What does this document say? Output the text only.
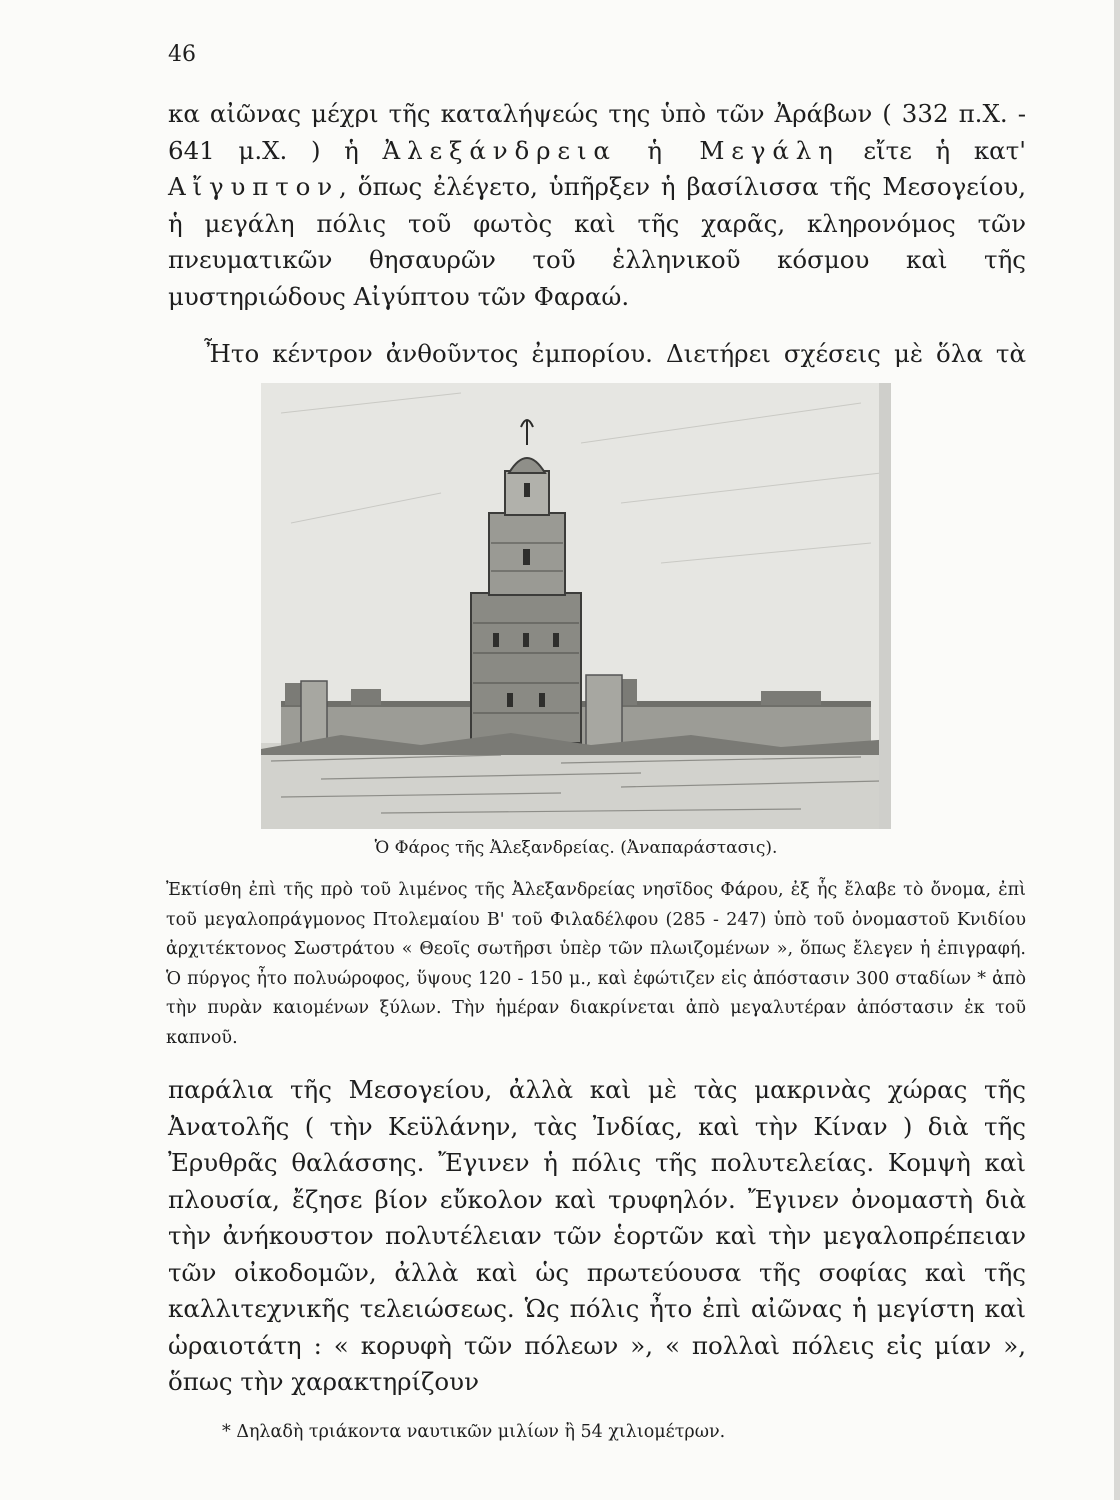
46

κα αἰῶνας μέχρι τῆς καταλήψεώς της ὑπὸ τῶν Ἀράβων ( 332 π.Χ. - 641 μ.Χ. ) ἡ Ἀλεξάνδρεια ἡ Μεγάλη εἴτε ἡ κατ' Αἴγυπτον, ὅπως ἐλέγετο, ὑπῆρξεν ἡ βασίλισσα τῆς Μεσογείου, ἡ μεγάλη πόλις τοῦ φωτὸς καὶ τῆς χαρᾶς, κληρονόμος τῶν πνευματικῶν θησαυρῶν τοῦ ἑλληνικοῦ κόσμου καὶ τῆς μυστηριώδους Αἰγύπτου τῶν Φαραώ.

Ἦτο κέντρον ἀνθοῦντος ἐμπορίου. Διετήρει σχέσεις μὲ ὅλα τὰ

Ὁ Φάρος τῆς Ἀλεξανδρείας. (Ἀναπαράστασις).

Ἐκτίσθη ἐπὶ τῆς πρὸ τοῦ λιμένος τῆς Ἀλεξανδρείας νησῖδος Φάρου, ἐξ ἧς ἔλαβε τὸ ὄνομα, ἐπὶ τοῦ μεγαλοπράγμονος Πτολεμαίου Β' τοῦ Φιλαδέλφου (285 - 247) ὑπὸ τοῦ ὀνομαστοῦ Κνιδίου ἀρχιτέκτονος Σωστράτου « Θεοῖς σωτῆρσι ὑπὲρ τῶν πλωιζομένων », ὅπως ἔλεγεν ἡ ἐπιγραφή. Ὁ πύργος ἦτο πολυώροφος, ὕψους 120 - 150 μ., καὶ ἐφώτιζεν εἰς ἀπόστασιν 300 σταδίων * ἀπὸ τὴν πυρὰν καιομένων ξύλων. Τὴν ἡμέραν διακρίνεται ἀπὸ μεγαλυτέραν ἀπόστασιν ἐκ τοῦ καπνοῦ.

παράλια τῆς Μεσογείου, ἀλλὰ καὶ μὲ τὰς μακρινὰς χώρας τῆς Ἀνατολῆς ( τὴν Κεϋλάνην, τὰς Ἰνδίας, καὶ τὴν Κίναν ) διὰ τῆς Ἐρυθρᾶς θαλάσσης. Ἔγινεν ἡ πόλις τῆς πολυτελείας. Κομψὴ καὶ πλουσία, ἔζησε βίον εὔκολον καὶ τρυφηλόν. Ἔγινεν ὀνομαστὴ διὰ τὴν ἀνήκουστον πολυτέλειαν τῶν ἑορτῶν καὶ τὴν μεγαλοπρέπειαν τῶν οἰκοδομῶν, ἀλλὰ καὶ ὡς πρωτεύουσα τῆς σοφίας καὶ τῆς καλλιτεχνικῆς τελειώσεως. Ὡς πόλις ἦτο ἐπὶ αἰῶνας ἡ μεγίστη καὶ ὡραιοτάτη : « κορυφὴ τῶν πόλεων », « πολλαὶ πόλεις εἰς μίαν », ὅπως τὴν χαρακτηρίζουν

* Δηλαδὴ τριάκοντα ναυτικῶν μιλίων ἢ 54 χιλιομέτρων.
